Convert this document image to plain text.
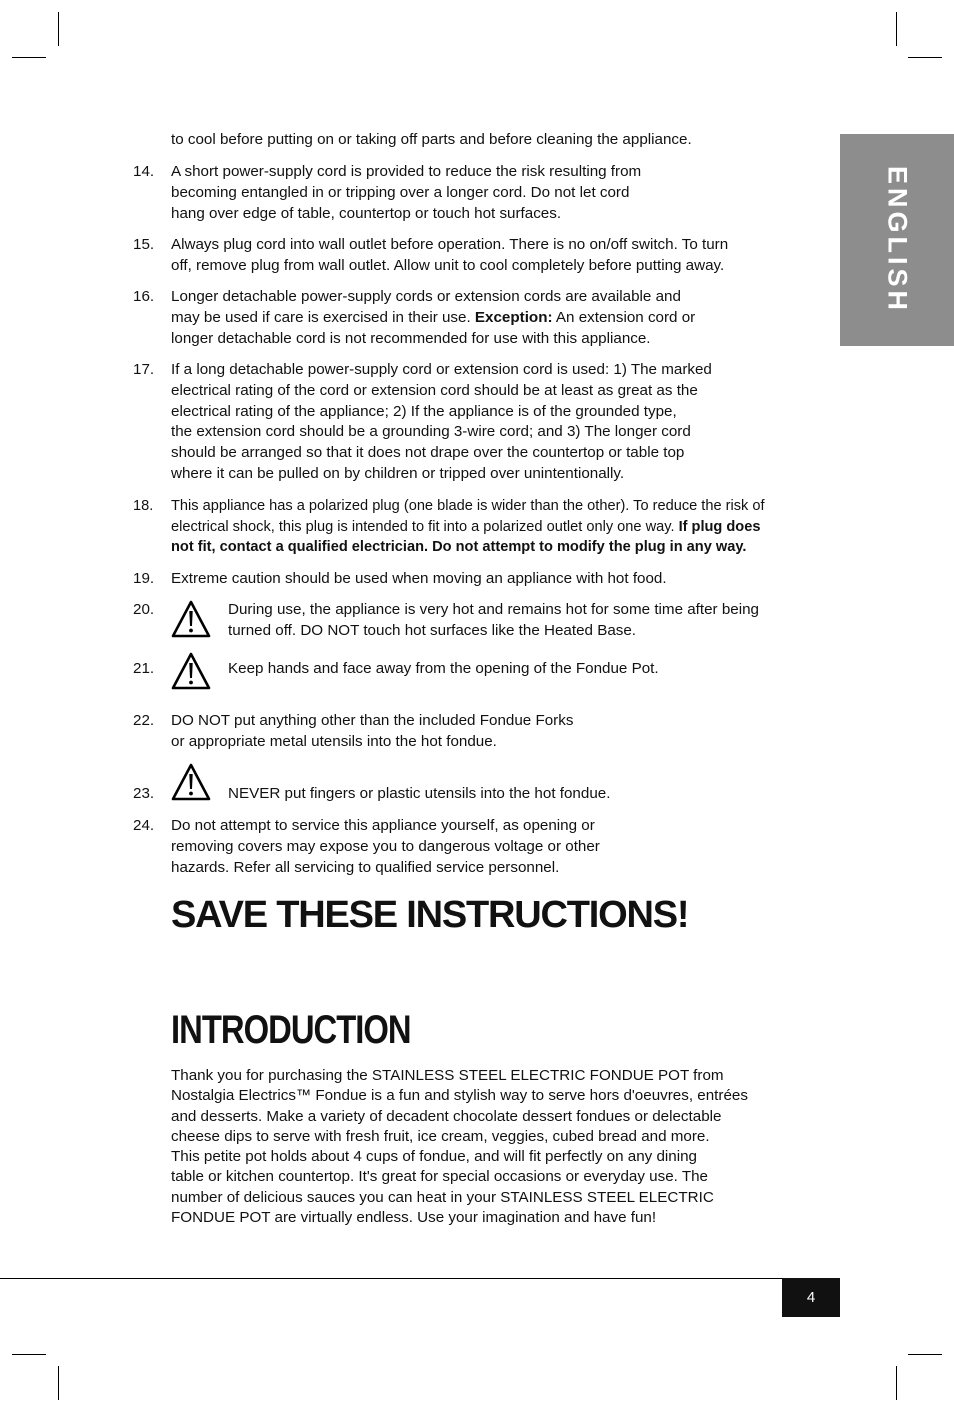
ENGLISH
to cool before putting on or taking off parts and before cleaning the appliance.
14. A short power-supply cord is provided to reduce the risk resulting from
becoming entangled in or tripping over a longer cord. Do not let cord
hang over edge of table, countertop or touch hot surfaces.
15. Always plug cord into wall outlet before operation. There is no on/off switch. To turn
off, remove plug from wall outlet. Allow unit to cool completely before putting away.
16. Longer detachable power-supply cords or extension cords are available and
may be used if care is exercised in their use. Exception: An extension cord or
longer detachable cord is not recommended for use with this appliance.
17. If a long detachable power-supply cord or extension cord is used: 1) The marked
electrical rating of the cord or extension cord should be at least as great as the
electrical rating of the appliance; 2) If the appliance is of the grounded type,
the extension cord should be a grounding 3-wire cord; and 3) The longer cord
should be arranged so that it does not drape over the countertop or table top
where it can be pulled on by children or tripped over unintentionally.
18. This appliance has a polarized plug (one blade is wider than the other). To reduce the risk of
electrical shock, this plug is intended to fit into a polarized outlet only one way. If plug does
not fit, contact a qualified electrician. Do not attempt to modify the plug in any way.
19. Extreme caution should be used when moving an appliance with hot food.
20.	During use, the appliance is very hot and remains hot for some time after being
turned off. DO NOT touch hot surfaces like the Heated Base.
21.	Keep hands and face away from the opening of the Fondue Pot.
22. DO NOT put anything other than the included Fondue Forks
or appropriate metal utensils into the hot fondue.
23.	NEVER put fingers or plastic utensils into the hot fondue.
24. Do not attempt to service this appliance yourself, as opening or
removing covers may expose you to dangerous voltage or other
hazards. Refer all servicing to qualified service personnel.
SAVE THESE INSTRUCTIONS!
INTRODUCTION
Thank you for purchasing the STAINLESS STEEL ELECTRIC FONDUE POT from
Nostalgia Electrics™ Fondue is a fun and stylish way to serve hors d'oeuvres, entrées
and desserts. Make a variety of decadent chocolate dessert fondues or delectable
cheese dips to serve with fresh fruit, ice cream, veggies, cubed bread and more.
This petite pot holds about 4 cups of fondue, and will fit perfectly on any dining
table or kitchen countertop. It's great for special occasions or everyday use. The
number of delicious sauces you can heat in your STAINLESS STEEL ELECTRIC
FONDUE POT are virtually endless. Use your imagination and have fun!
4
